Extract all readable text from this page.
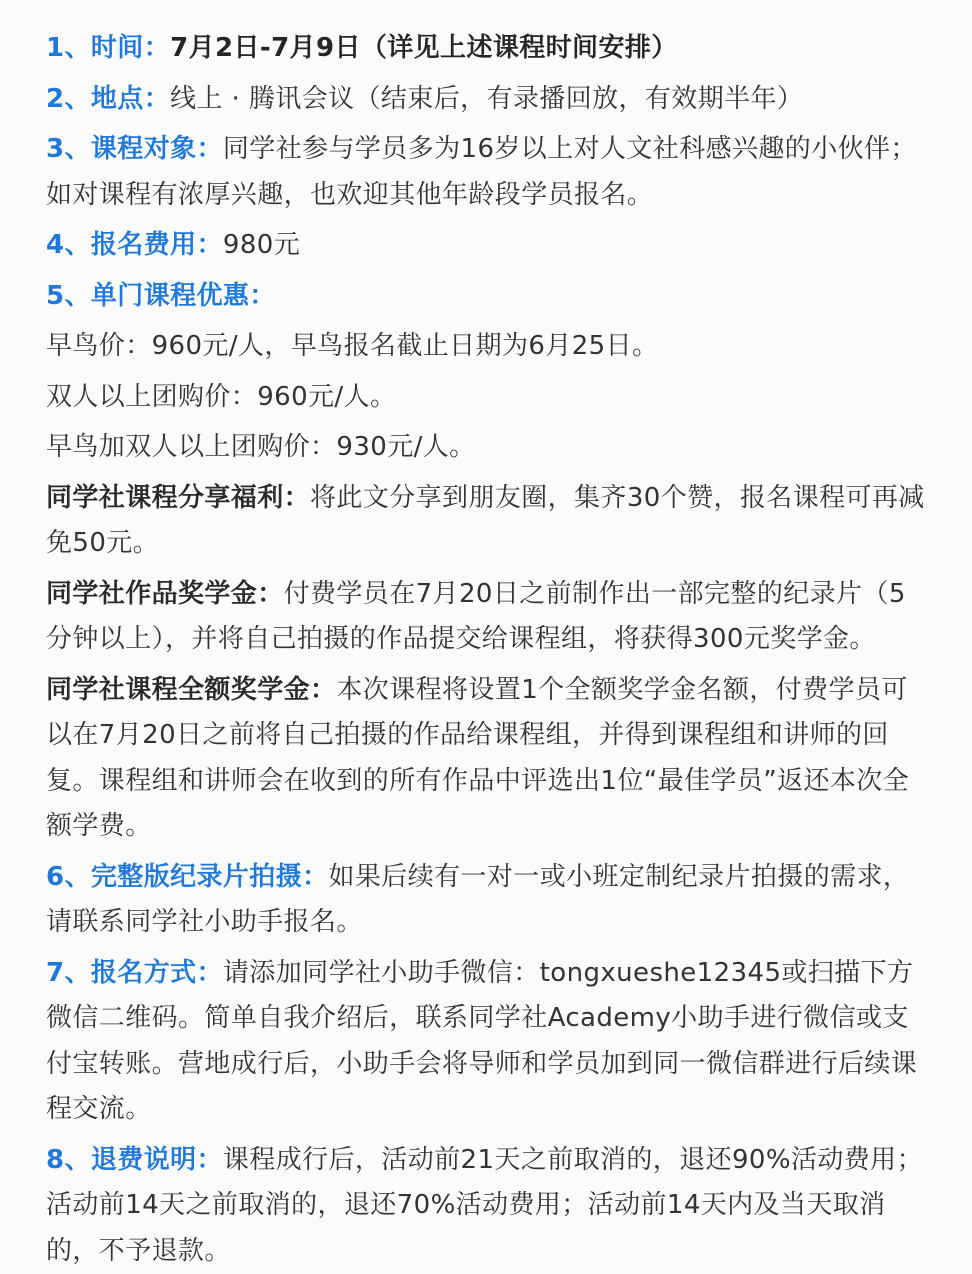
1、时间：7月2日-7月9日（详见上述课程时间安排）

2、地点：线上 · 腾讯会议（结束后，有录播回放，有效期半年）

3、课程对象：同学社参与学员多为16岁以上对人文社科感兴趣的小伙伴；如对课程有浓厚兴趣，也欢迎其他年龄段学员报名。

4、报名费用：980元

5、单门课程优惠：

早鸟价：960元/人，早鸟报名截止日期为6月25日。

双人以上团购价：960元/人。

早鸟加双人以上团购价：930元/人。

同学社课程分享福利：将此文分享到朋友圈，集齐30个赞，报名课程可再减免50元。

同学社作品奖学金：付费学员在7月20日之前制作出一部完整的纪录片（5分钟以上），并将自己拍摄的作品提交给课程组，将获得300元奖学金。

同学社课程全额奖学金：本次课程将设置1个全额奖学金名额，付费学员可以在7月20日之前将自己拍摄的作品给课程组，并得到课程组和讲师的回复。课程组和讲师会在收到的所有作品中评选出1位“最佳学员”返还本次全额学费。

6、完整版纪录片拍摄：如果后续有一对一或小班定制纪录片拍摄的需求，请联系同学社小助手报名。

7、报名方式：请添加同学社小助手微信：tongxueshe12345或扫描下方微信二维码。简单自我介绍后，联系同学社Academy小助手进行微信或支付宝转账。营地成行后，小助手会将导师和学员加到同一微信群进行后续课程交流。

8、退费说明：课程成行后，活动前21天之前取消的，退还90%活动费用；活动前14天之前取消的，退还70%活动费用；活动前14天内及当天取消的，不予退款。
